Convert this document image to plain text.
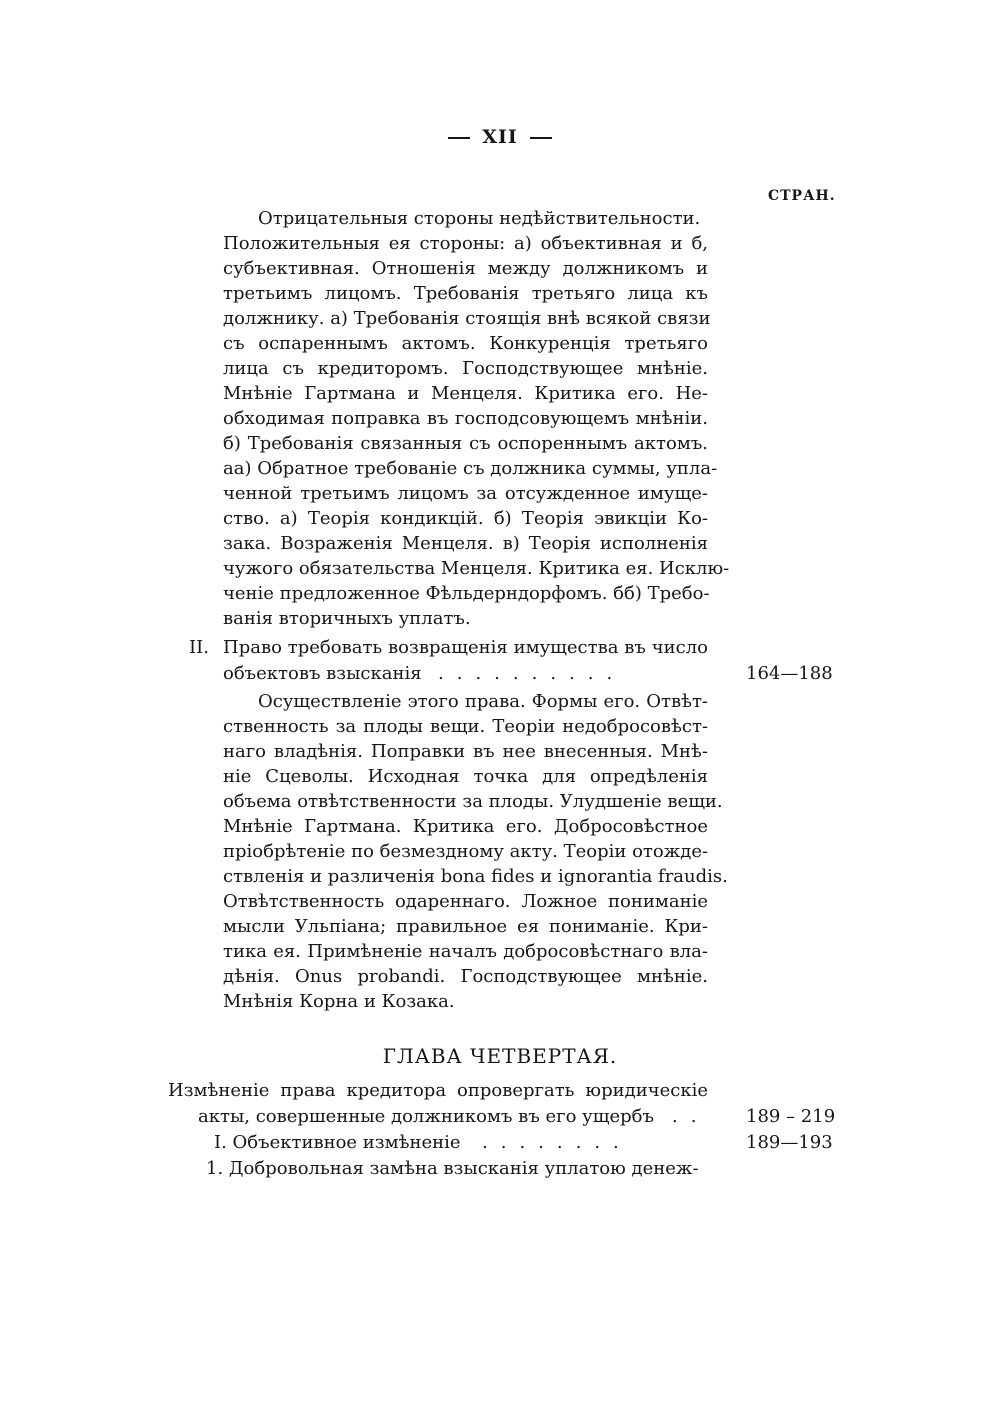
XII
СТРАН.
Отрицательныя стороны недѣйствительности.
Положительныя ея стороны: а) объективная и б,
субъективная. Отношенія между должникомъ и
третьимъ лицомъ. Требованія третьяго лица къ
должнику. а) Требованія стоящія внѣ всякой связи
съ оспареннымъ актомъ. Конкуренція третьяго
лица съ кредиторомъ. Господствующее мнѣніе.
Мнѣніе Гартмана и Менцеля. Критика его. Не-
обходимая поправка въ господсовующемъ мнѣніи.
б) Требованія связанныя съ оспореннымъ актомъ.
аа) Обратное требованіе съ должника суммы, упла-
ченной третьимъ лицомъ за отсужденное имуще-
ство. а) Теорія кондикцій. б) Теорія эвикціи Ко-
зака. Возраженія Менцеля. в) Теорія исполненія
чужого обязательства Менцеля. Критика ея. Исклю-
ченіе предложенное Фѣльдерндорфомъ. бб) Требо-
ванія вторичныхъ уплатъ.
II. Право требовать возвращенія имущества въ число
объектовъ взысканія ..........	164—188
Осуществленіе этого права. Формы его. Отвѣт-
ственность за плоды вещи. Теоріи недобросовѣст-
наго владѣнія. Поправки въ нее внесенныя. Мнѣ-
ніе Сцеволы. Исходная точка для опредѣленія
объема отвѣтственности за плоды. Улудшеніе вещи.
Мнѣніе Гартмана. Критика его. Добросовѣстное
пріобрѣтеніе по безмездному акту. Теоріи отожде-
ствленія и различенія bona fides и ignorantia fraudis.
Отвѣтственность одареннаго. Ложное пониманіе
мысли Ульпіана; правильное ея пониманіе. Кри-
тика ея. Примѣненіе началъ добросовѣстнаго вла-
дѣнія. Onus probandi. Господствующее мнѣніе.
Мнѣнія Корна и Козака.
ГЛАВА ЧЕТВЕРТАЯ.
Измѣненіе права кредитора опровергать юридическіе
акты, совершенные должникомъ въ его ущербъ ..	189 – 219
I. Объективное измѣненіе ........	189—193
1. Добровольная замѣна взысканія уплатою денеж-
